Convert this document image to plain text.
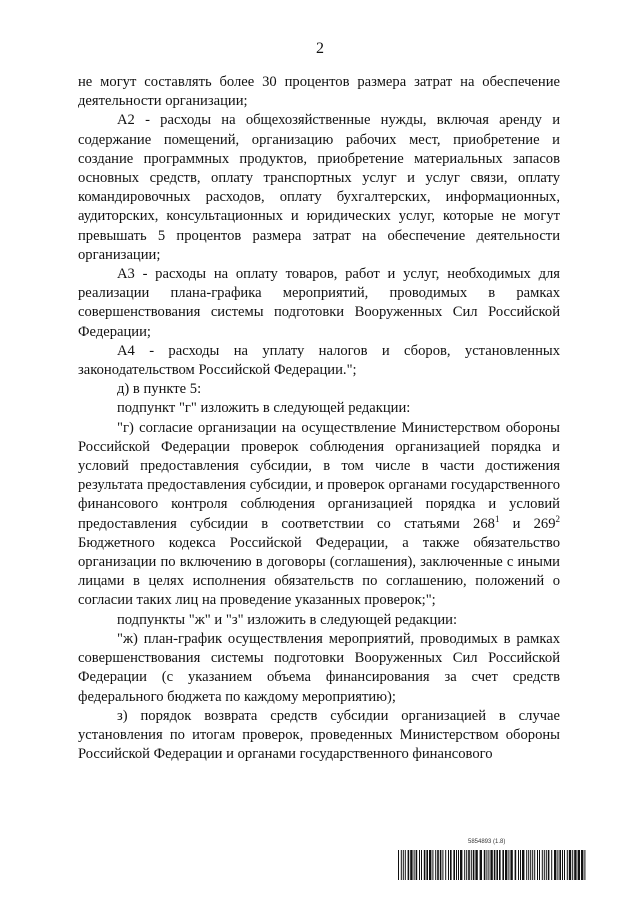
2

не могут составлять более 30 процентов размера затрат на обеспечение деятельности организации;

А2 - расходы на общехозяйственные нужды, включая аренду и содержание помещений, организацию рабочих мест, приобретение и создание программных продуктов, приобретение материальных запасов основных средств, оплату транспортных услуг и услуг связи, оплату командировочных расходов, оплату бухгалтерских, информационных, аудиторских, консультационных и юридических услуг, которые не могут превышать 5 процентов размера затрат на обеспечение деятельности организации;

А3 - расходы на оплату товаров, работ и услуг, необходимых для реализации плана-графика мероприятий, проводимых в рамках совершенствования системы подготовки Вооруженных Сил Российской Федерации;

А4 - расходы на уплату налогов и сборов, установленных законодательством Российской Федерации.";

д) в пункте 5:

подпункт "г" изложить в следующей редакции:

"г) согласие организации на осуществление Министерством обороны Российской Федерации проверок соблюдения организацией порядка и условий предоставления субсидии, в том числе в части достижения результата предоставления субсидии, и проверок органами государственного финансового контроля соблюдения организацией порядка и условий предоставления субсидии в соответствии со статьями $268^1$ и $269^2$ Бюджетного кодекса Российской Федерации, а также обязательство организации по включению в договоры (соглашения), заключенные с иными лицами в целях исполнения обязательств по соглашению, положений о согласии таких лиц на проведение указанных проверок;";

подпункты "ж" и "з" изложить в следующей редакции:

"ж) план-график осуществления мероприятий, проводимых в рамках совершенствования системы подготовки Вооруженных Сил Российской Федерации (с указанием объема финансирования за счет средств федерального бюджета по каждому мероприятию);

з) порядок возврата средств субсидии организацией в случае установления по итогам проверок, проведенных Министерством обороны Российской Федерации и органами государственного финансового

5854893 (1.8)
